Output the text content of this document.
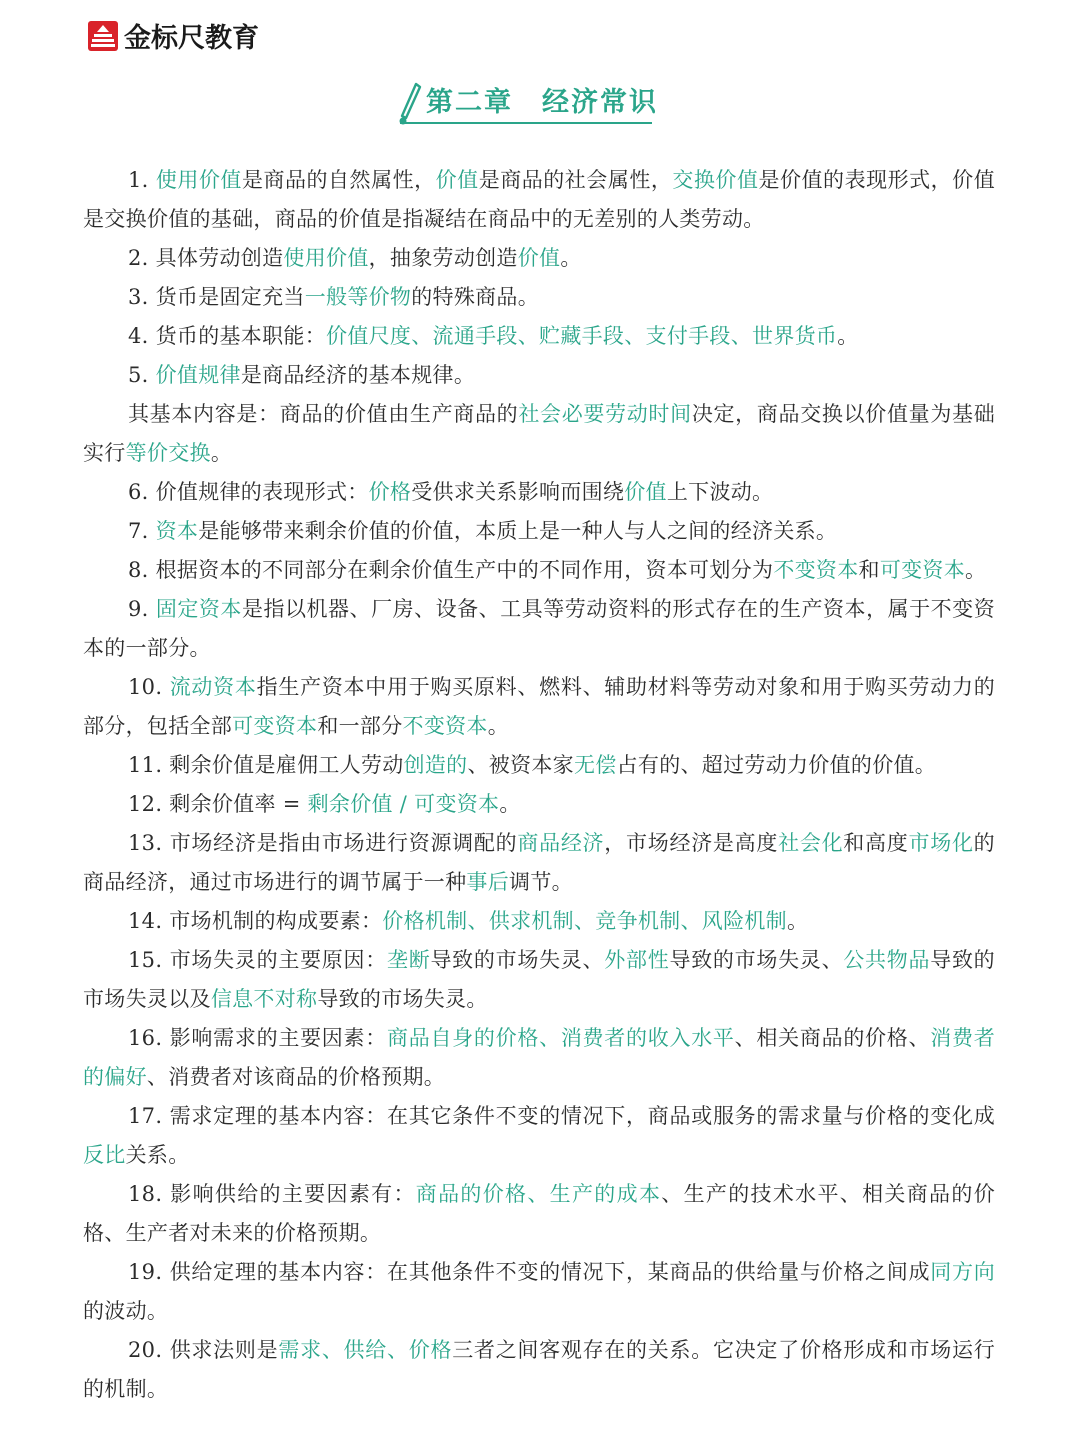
金标尺教育
第二章　经济常识

1. 使用价值是商品的自然属性，价值是商品的社会属性，交换价值是价值的表现形式，价值是交换价值的基础，商品的价值是指凝结在商品中的无差别的人类劳动。

2. 具体劳动创造使用价值，抽象劳动创造价值。

3. 货币是固定充当一般等价物的特殊商品。

4. 货币的基本职能：价值尺度、流通手段、贮藏手段、支付手段、世界货币。

5. 价值规律是商品经济的基本规律。

其基本内容是：商品的价值由生产商品的社会必要劳动时间决定，商品交换以价值量为基础实行等价交换。

6. 价值规律的表现形式：价格受供求关系影响而围绕价值上下波动。

7. 资本是能够带来剩余价值的价值，本质上是一种人与人之间的经济关系。

8. 根据资本的不同部分在剩余价值生产中的不同作用，资本可划分为不变资本和可变资本。

9. 固定资本是指以机器、厂房、设备、工具等劳动资料的形式存在的生产资本，属于不变资本的一部分。

10. 流动资本指生产资本中用于购买原料、燃料、辅助材料等劳动对象和用于购买劳动力的部分，包括全部可变资本和一部分不变资本。

11. 剩余价值是雇佣工人劳动创造的、被资本家无偿占有的、超过劳动力价值的价值。

12. 剩余价值率 = 剩余价值 / 可变资本。

13. 市场经济是指由市场进行资源调配的商品经济，市场经济是高度社会化和高度市场化的商品经济，通过市场进行的调节属于一种事后调节。

14. 市场机制的构成要素：价格机制、供求机制、竞争机制、风险机制。

15. 市场失灵的主要原因：垄断导致的市场失灵、外部性导致的市场失灵、公共物品导致的市场失灵以及信息不对称导致的市场失灵。

16. 影响需求的主要因素：商品自身的价格、消费者的收入水平、相关商品的价格、消费者的偏好、消费者对该商品的价格预期。

17. 需求定理的基本内容：在其它条件不变的情况下，商品或服务的需求量与价格的变化成反比关系。

18. 影响供给的主要因素有：商品的价格、生产的成本、生产的技术水平、相关商品的价格、生产者对未来的价格预期。

19. 供给定理的基本内容：在其他条件不变的情况下，某商品的供给量与价格之间成同方向的波动。

20. 供求法则是需求、供给、价格三者之间客观存在的关系。它决定了价格形成和市场运行的机制。
